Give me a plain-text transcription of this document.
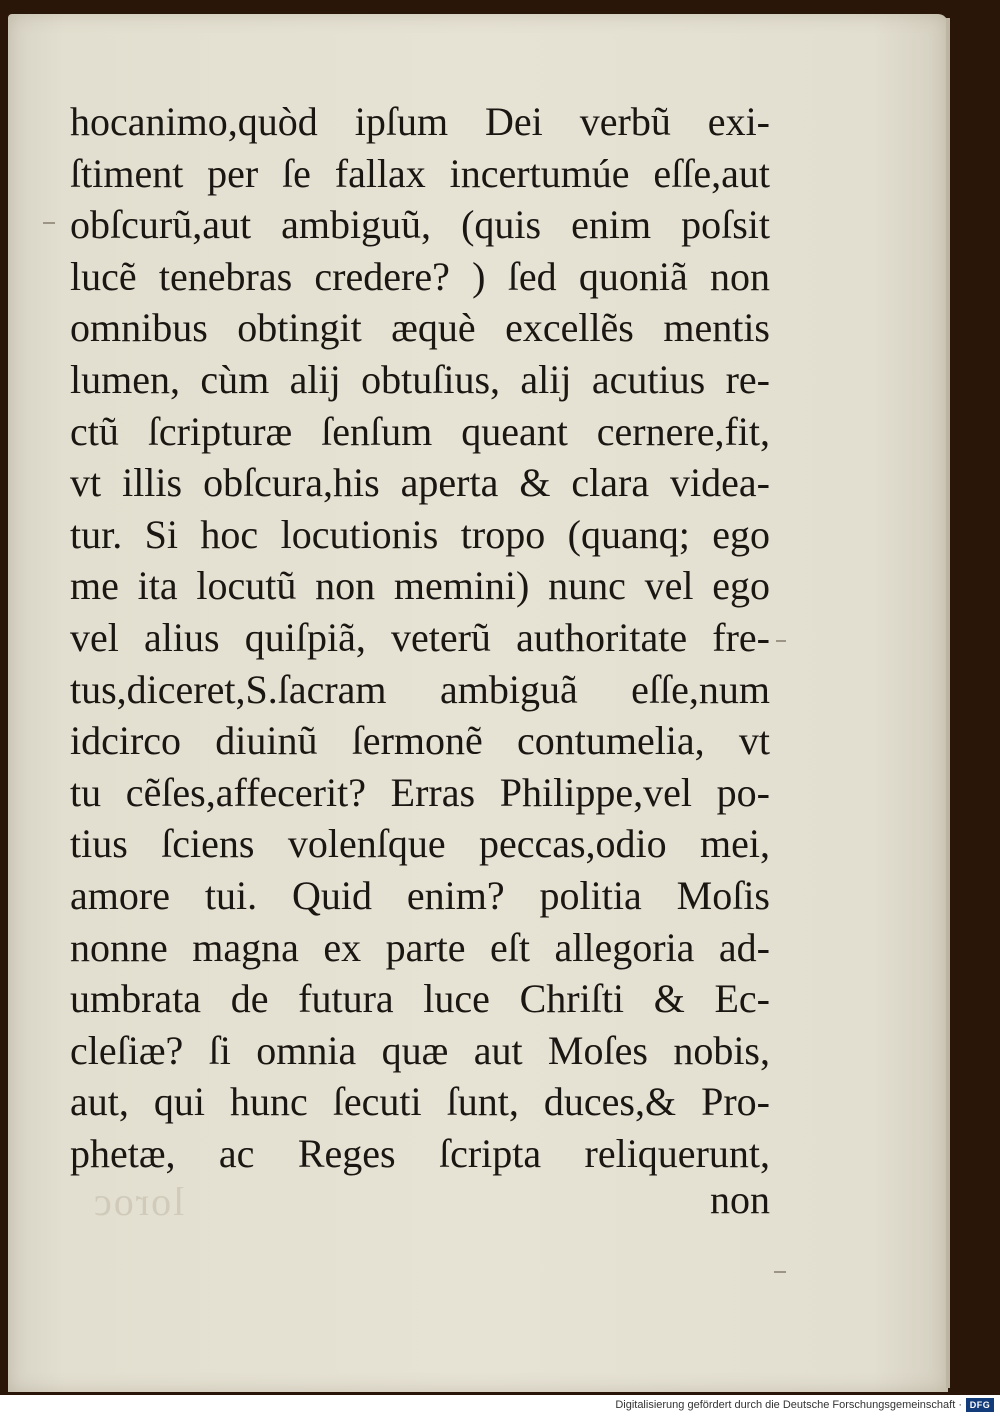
loroc
hocanimo,quòd ipſum Dei verbũ exi-
ſtiment per ſe fallax incertumúe eſſe,aut
obſcurũ,aut ambiguũ, (quis enim poſsit
lucẽ tenebras credere? ) ſed quoniã non
omnibus obtingit æquè excellẽs mentis
lumen, cùm alij obtuſius, alij acutius re-
ctũ ſcripturæ ſenſum queant cernere,fit,
vt illis obſcura,his aperta & clara videa-
tur. Si hoc locutionis tropo (quanq; ego
me ita locutũ non memini) nunc vel ego
vel alius quiſpiã, veterũ authoritate fre-
tus,diceret,S.ſacram ambiguã eſſe,num
idcirco diuinũ ſermonẽ contumelia, vt
tu cẽſes,affecerit? Erras Philippe,vel po-
tius ſciens volenſque peccas,odio mei,
amore tui. Quid enim? politia Moſis
nonne magna ex parte eſt allegoria ad-
umbrata de futura luce Chriſti & Ec-
cleſiæ? ſi omnia quæ aut Moſes nobis,
aut, qui hunc ſecuti ſunt, duces,& Pro-
phetæ, ac Reges ſcripta reliquerunt,
non
Digitalisierung gefördert durch die Deutsche Forschungsgemeinschaft · DFG
